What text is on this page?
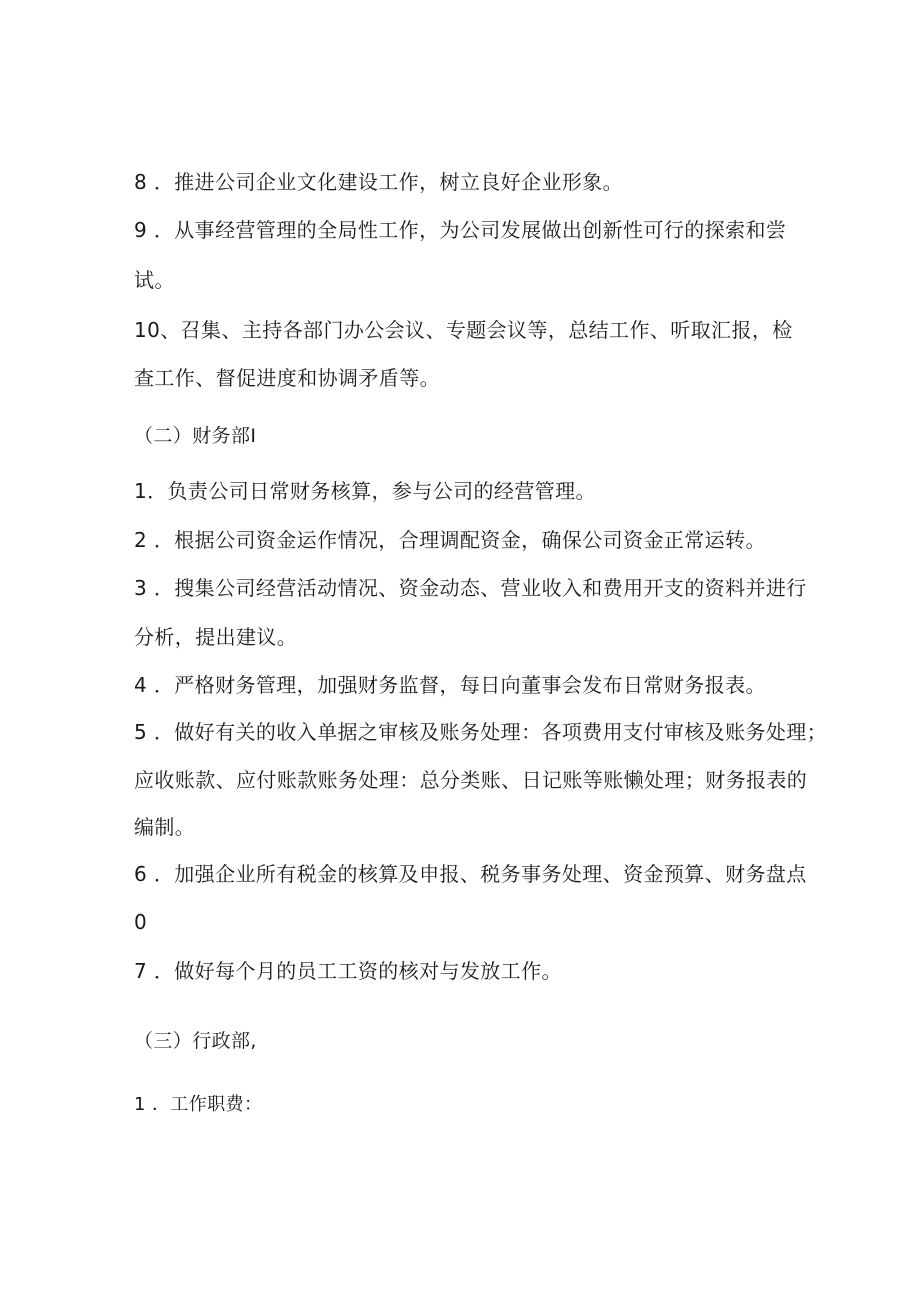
8 ．推进公司企业文化建设工作，树立良好企业形象。
9 ．从事经营管理的全局性工作，为公司发展做出创新性可行的探索和尝
试。
10、召集、主持各部门办公会议、专题会议等，总结工作、听取汇报，检
查工作、督促进度和协调矛盾等。
（二）财务部I
1．负责公司日常财务核算，参与公司的经营管理。
2 ．根据公司资金运作情况，合理调配资金，确保公司资金正常运转。
3 ．搜集公司经营活动情况、资金动态、营业收入和费用开支的资料并进行
分析，提出建议。
4 ．严格财务管理，加强财务监督，每日向董事会发布日常财务报表。
5 ．做好有关的收入单据之审核及账务处理：各项费用支付审核及账务处理；
应收账款、应付账款账务处理：总分类账、日记账等账懒处理；财务报表的
编制。
6 ．加强企业所有税金的核算及申报、税务事务处理、资金预算、财务盘点
0
7 ．做好每个月的员工工资的核对与发放工作。
（三）行政部,
1 ．工作职费：
